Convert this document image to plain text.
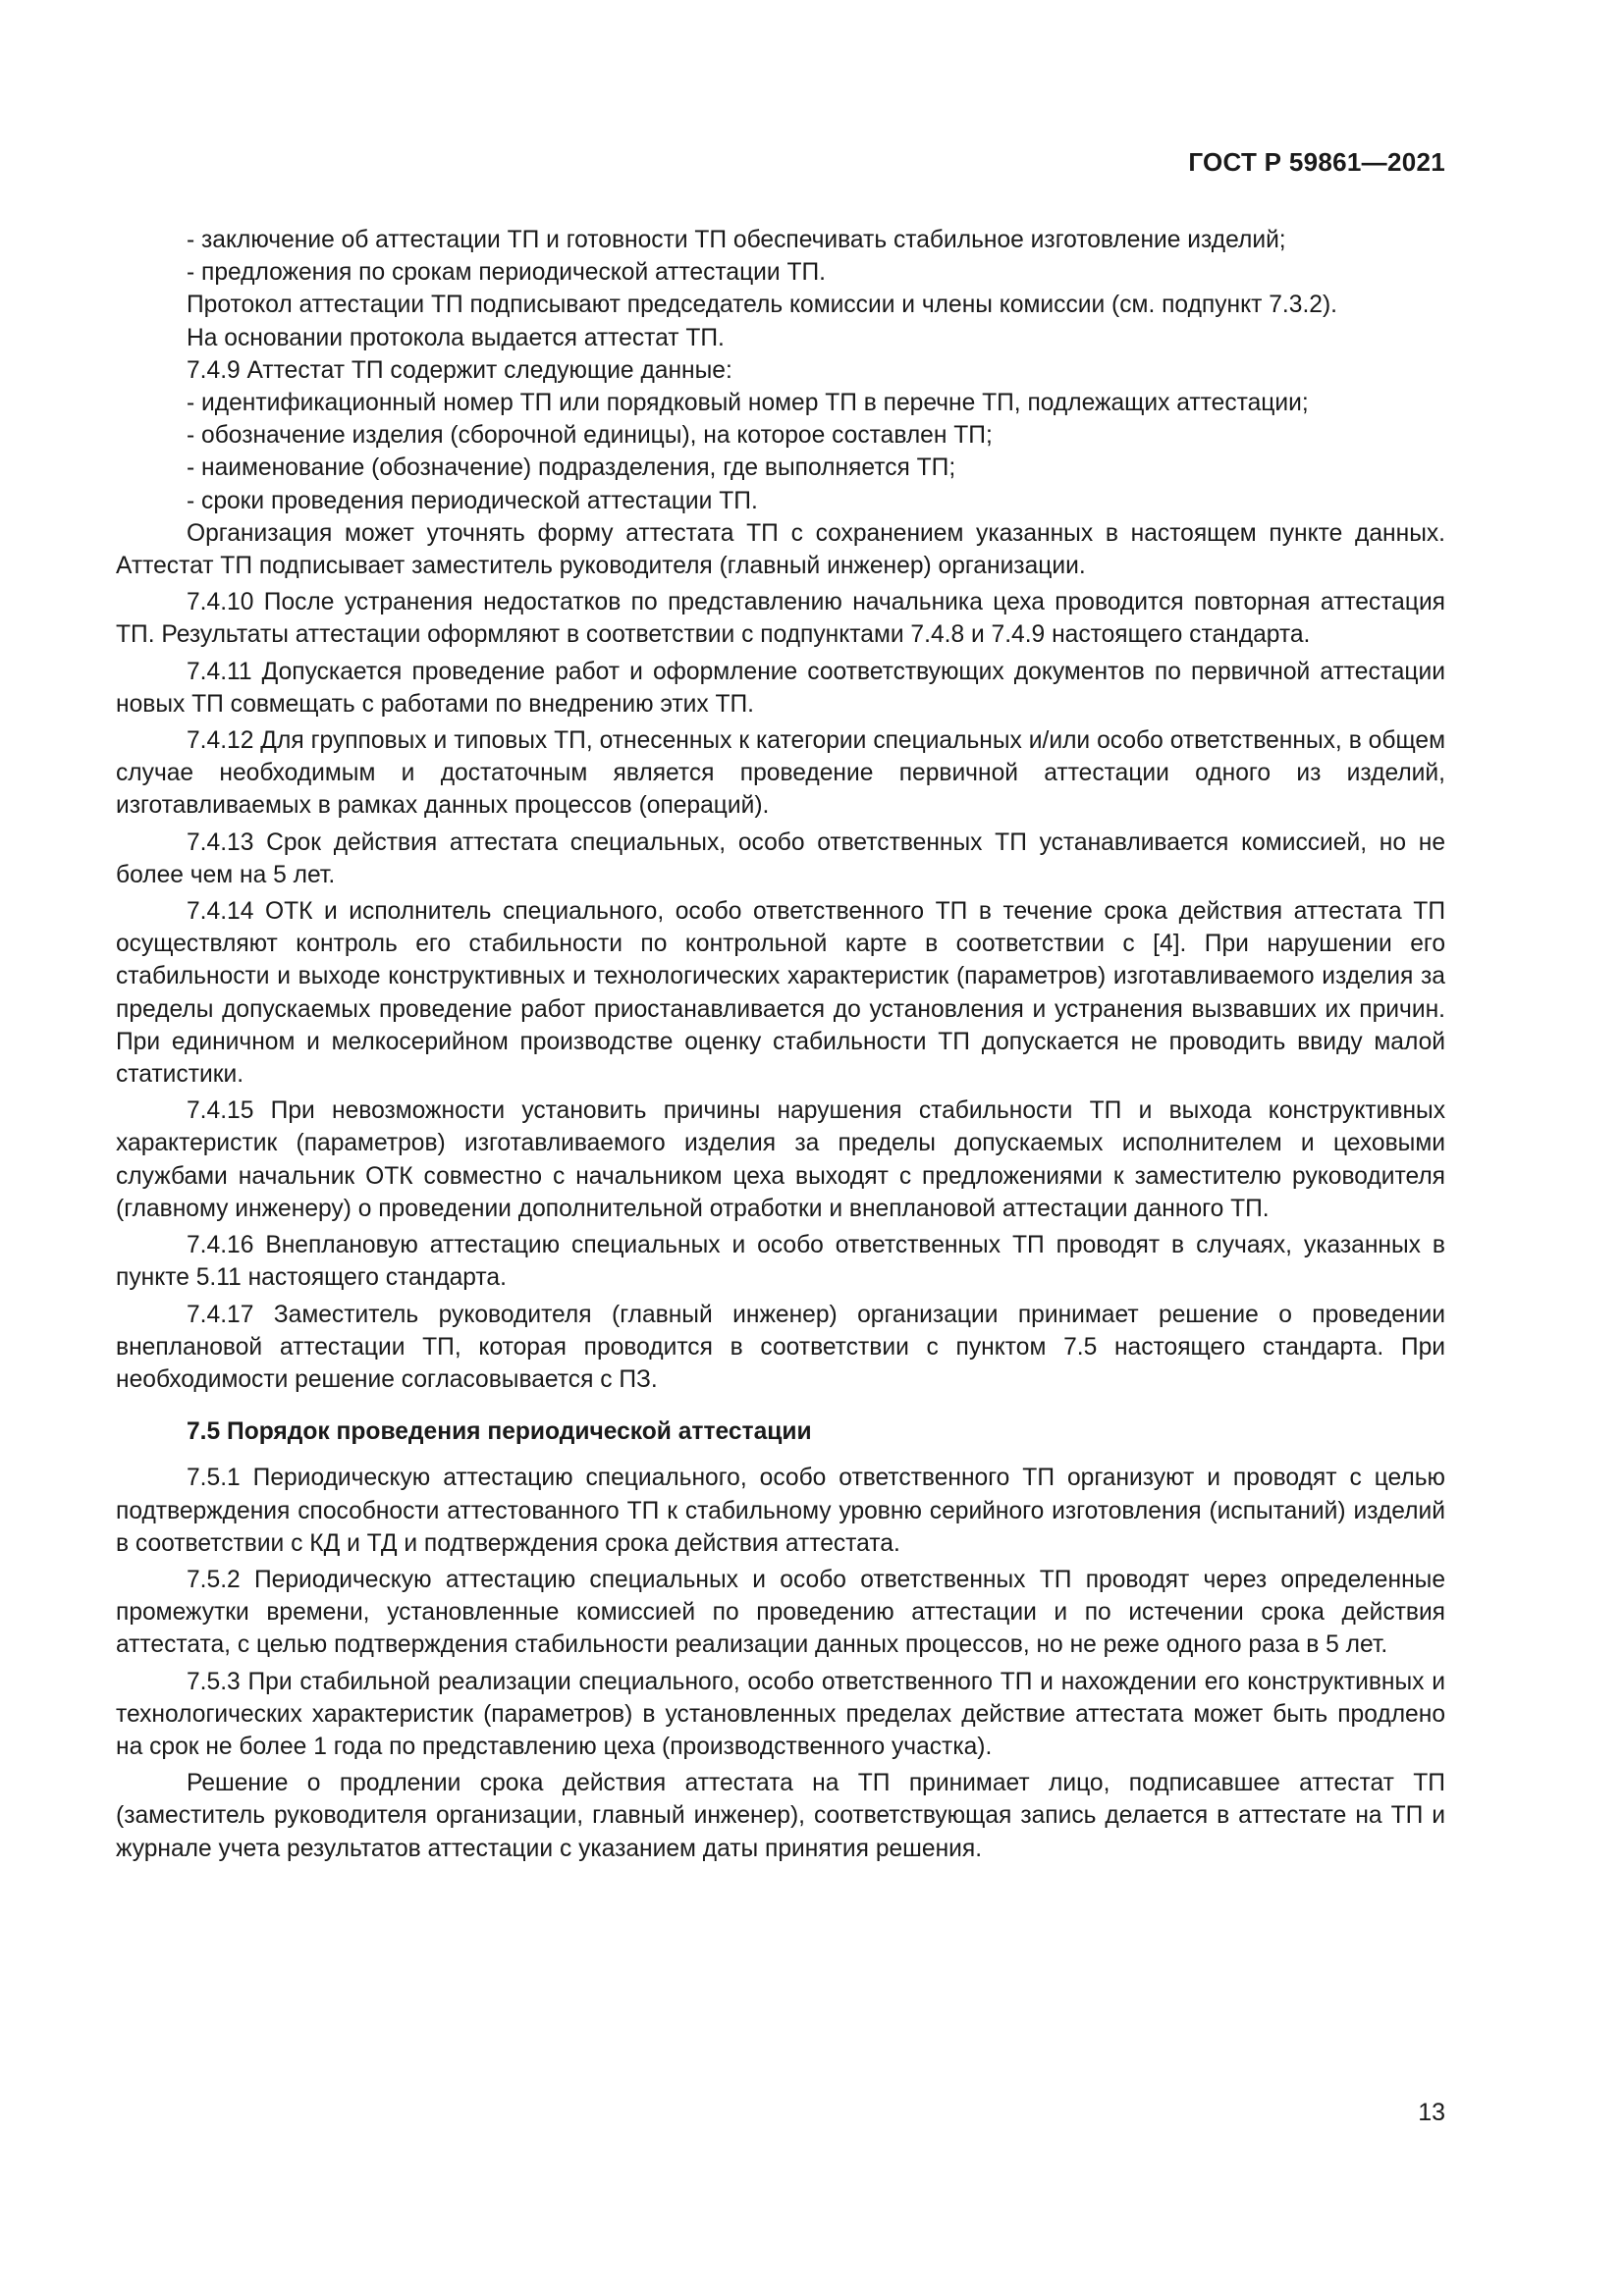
ГОСТ Р 59861—2021

- заключение об аттестации ТП и готовности ТП обеспечивать стабильное изготовление изделий;

- предложения по срокам периодической аттестации ТП.

Протокол аттестации ТП подписывают председатель комиссии и члены комиссии (см. подпункт 7.3.2).

На основании протокола выдается аттестат ТП.

7.4.9 Аттестат ТП содержит следующие данные:

- идентификационный номер ТП или порядковый номер ТП в перечне ТП, подлежащих аттестации;

- обозначение изделия (сборочной единицы), на которое составлен ТП;

- наименование (обозначение) подразделения, где выполняется ТП;

- сроки проведения периодической аттестации ТП.

Организация может уточнять форму аттестата ТП с сохранением указанных в настоящем пункте данных. Аттестат ТП подписывает заместитель руководителя (главный инженер) организации.

7.4.10 После устранения недостатков по представлению начальника цеха проводится повторная аттестация ТП. Результаты аттестации оформляют в соответствии с подпунктами 7.4.8 и 7.4.9 настоящего стандарта.

7.4.11 Допускается проведение работ и оформление соответствующих документов по первичной аттестации новых ТП совмещать с работами по внедрению этих ТП.

7.4.12 Для групповых и типовых ТП, отнесенных к категории специальных и/или особо ответственных, в общем случае необходимым и достаточным является проведение первичной аттестации одного из изделий, изготавливаемых в рамках данных процессов (операций).

7.4.13 Срок действия аттестата специальных, особо ответственных ТП устанавливается комиссией, но не более чем на 5 лет.

7.4.14 ОТК и исполнитель специального, особо ответственного ТП в течение срока действия аттестата ТП осуществляют контроль его стабильности по контрольной карте в соответствии с [4]. При нарушении его стабильности и выходе конструктивных и технологических характеристик (параметров) изготавливаемого изделия за пределы допускаемых проведение работ приостанавливается до установления и устранения вызвавших их причин. При единичном и мелкосерийном производстве оценку стабильности ТП допускается не проводить ввиду малой статистики.

7.4.15 При невозможности установить причины нарушения стабильности ТП и выхода конструктивных характеристик (параметров) изготавливаемого изделия за пределы допускаемых исполнителем и цеховыми службами начальник ОТК совместно с начальником цеха выходят с предложениями к заместителю руководителя (главному инженеру) о проведении дополнительной отработки и внеплановой аттестации данного ТП.

7.4.16 Внеплановую аттестацию специальных и особо ответственных ТП проводят в случаях, указанных в пункте 5.11 настоящего стандарта.

7.4.17 Заместитель руководителя (главный инженер) организации принимает решение о проведении внеплановой аттестации ТП, которая проводится в соответствии с пунктом 7.5 настоящего стандарта. При необходимости решение согласовывается с ПЗ.

7.5 Порядок проведения периодической аттестации

7.5.1 Периодическую аттестацию специального, особо ответственного ТП организуют и проводят с целью подтверждения способности аттестованного ТП к стабильному уровню серийного изготовления (испытаний) изделий в соответствии с КД и ТД и подтверждения срока действия аттестата.

7.5.2 Периодическую аттестацию специальных и особо ответственных ТП проводят через определенные промежутки времени, установленные комиссией по проведению аттестации и по истечении срока действия аттестата, с целью подтверждения стабильности реализации данных процессов, но не реже одного раза в 5 лет.

7.5.3 При стабильной реализации специального, особо ответственного ТП и нахождении его конструктивных и технологических характеристик (параметров) в установленных пределах действие аттестата может быть продлено на срок не более 1 года по представлению цеха (производственного участка).

Решение о продлении срока действия аттестата на ТП принимает лицо, подписавшее аттестат ТП (заместитель руководителя организации, главный инженер), соответствующая запись делается в аттестате на ТП и журнале учета результатов аттестации с указанием даты принятия решения.

13
